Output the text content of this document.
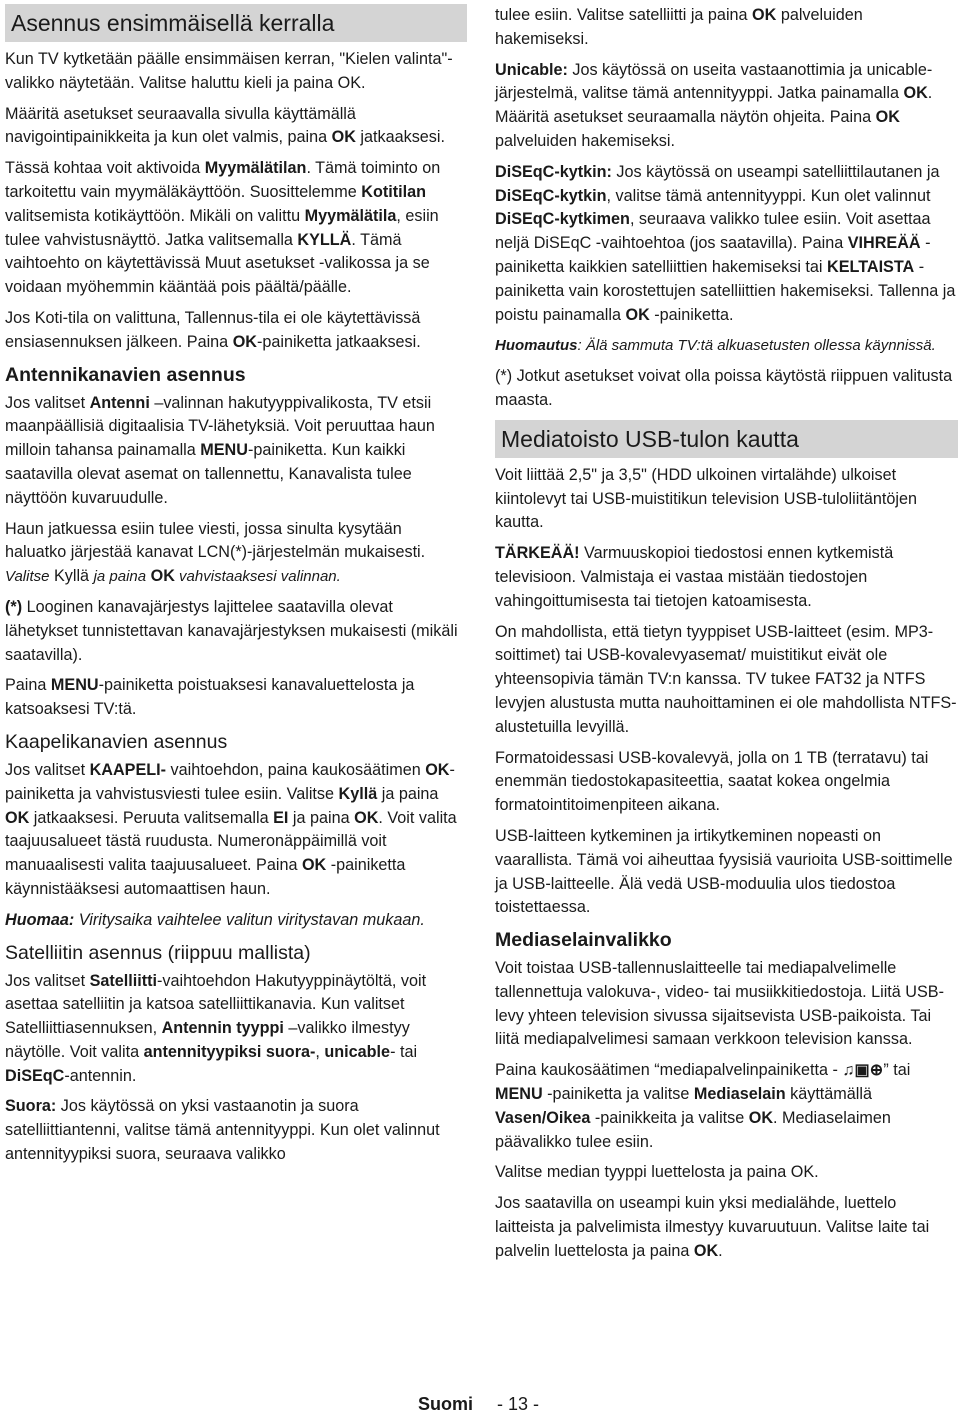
Asennus ensimmäisellä kerralla

Kun TV kytketään päälle ensimmäisen kerran, "Kielen valinta"-valikko näytetään. Valitse haluttu kieli ja paina OK.

Määritä asetukset seuraavalla sivulla käyttämällä navigointipainikkeita ja kun olet valmis, paina OK jatkaaksesi.

Tässä kohtaa voit aktivoida Myymälätilan. Tämä toiminto on tarkoitettu vain myymäläkäyttöön. Suosittelemme Kotitilan valitsemista kotikäyttöön. Mikäli on valittu Myymälätila, esiin tulee vahvistusnäyttö. Jatka valitsemalla KYLLÄ. Tämä vaihtoehto on käytettävissä Muut asetukset -valikossa ja se voidaan myöhemmin kääntää pois päältä/päälle.

Jos Koti-tila on valittuna, Tallennus-tila ei ole käytettävissä ensiasennuksen jälkeen. Paina OK-painiketta jatkaaksesi.

Antennikanavien asennus

Jos valitset Antenni –valinnan hakutyyppivalikosta, TV etsii maanpäällisiä digitaalisia TV-lähetyksiä. Voit peruuttaa haun milloin tahansa painamalla MENU-painiketta. Kun kaikki saatavilla olevat asemat on tallennettu, Kanavalista tulee näyttöön kuvaruudulle.

Haun jatkuessa esiin tulee viesti, jossa sinulta kysytään haluatko järjestää kanavat LCN(*)-järjestelmän mukaisesti. Valitse Kyllä ja paina OK vahvistaaksesi valinnan.

(*) Looginen kanavajärjestys lajittelee saatavilla olevat lähetykset tunnistettavan kanavajärjestyksen mukaisesti (mikäli saatavilla).

Paina MENU-painiketta poistuaksesi kanavaluettelosta ja katsoaksesi TV:tä.

Kaapelikanavien asennus

Jos valitset KAAPELI- vaihtoehdon, paina kaukosäätimen OK-painiketta ja vahvistusviesti tulee esiin. Valitse Kyllä ja paina OK jatkaaksesi. Peruuta valitsemalla EI ja paina OK. Voit valita taajuusalueet tästä ruudusta. Numeronäppäimillä voit manuaalisesti valita taajuusalueet. Paina OK -painiketta käynnistääksesi automaattisen haun.

Huomaa: Viritysaika vaihtelee valitun viritystavan mukaan.

Satelliitin asennus (riippuu mallista)

Jos valitset Satelliitti-vaihtoehdon Hakutyyppinäytöltä, voit asettaa satelliitin ja katsoa satelliittikanavia. Kun valitset Satelliittiasennuksen, Antennin tyyppi –valikko ilmestyy näytölle. Voit valita antennityypiksi suora-, unicable- tai DiSEqC-antennin.

Suora: Jos käytössä on yksi vastaanotin ja suora satelliittiantenni, valitse tämä antennityyppi. Kun olet valinnut antennityypiksi suora, seuraava valikko

tulee esiin. Valitse satelliitti ja paina OK palveluiden hakemiseksi.

Unicable: Jos käytössä on useita vastaanottimia ja unicable-järjestelmä, valitse tämä antennityyppi. Jatka painamalla OK. Määritä asetukset seuraamalla näytön ohjeita. Paina OK palveluiden hakemiseksi.

DiSEqC-kytkin: Jos käytössä on useampi satelliittilautanen ja DiSEqC-kytkin, valitse tämä antennityyppi. Kun olet valinnut DiSEqC-kytkimen, seuraava valikko tulee esiin. Voit asettaa neljä DiSEqC -vaihtoehtoa (jos saatavilla). Paina VIHREÄÄ -painiketta kaikkien satelliittien hakemiseksi tai KELTAISTA -painiketta vain korostettujen satelliittien hakemiseksi. Tallenna ja poistu painamalla OK -painiketta.

Huomautus: Älä sammuta TV:tä alkuasetusten ollessa käynnissä.

(*) Jotkut asetukset voivat olla poissa käytöstä riippuen valitusta maasta.

Mediatoisto USB-tulon kautta

Voit liittää 2,5" ja 3,5" (HDD ulkoinen virtalähde) ulkoiset kiintolevyt tai USB-muistitikun television USB-tuloliitäntöjen kautta.

TÄRKEÄÄ! Varmuuskopioi tiedostosi ennen kytkemistä televisioon. Valmistaja ei vastaa mistään tiedostojen vahingoittumisesta tai tietojen katoamisesta.

On mahdollista, että tietyn tyyppiset USB-laitteet (esim. MP3-soittimet) tai USB-kovalevyasemat/ muistitikut eivät ole yhteensopivia tämän TV:n kanssa. TV tukee FAT32 ja NTFS levyjen alustusta mutta nauhoittaminen ei ole mahdollista NTFS-alustetuilla levyillä.

Formatoidessasi USB-kovalevyä, jolla on 1 TB (terratavu) tai enemmän tiedostokapasiteettia, saatat kokea ongelmia formatointitoimenpiteen aikana.

USB-laitteen kytkeminen ja irtikytkeminen nopeasti on vaarallista. Tämä voi aiheuttaa fyysisiä vaurioita USB-soittimelle ja USB-laitteelle. Älä vedä USB-moduulia ulos tiedostoa toistettaessa.

Mediaselainvalikko

Voit toistaa USB-tallennuslaitteelle tai mediapalvelimelle tallennettuja valokuva-, video- tai musiikkitiedostoja. Liitä USB-levy yhteen television sivussa sijaitsevista USB-paikoista. Tai liitä mediapalvelimesi samaan verkkoon television kanssa.

Paina kaukosäätimen “mediapalvelinpainiketta - ♫▣⊕” tai MENU -painiketta ja valitse Mediaselain käyttämällä Vasen/Oikea -painikkeita ja valitse OK. Mediaselaimen päävalikko tulee esiin.

Valitse median tyyppi luettelosta ja paina OK.

Jos saatavilla on useampi kuin yksi medialähde, luettelo laitteista ja palvelimista ilmestyy kuvaruutuun. Valitse laite tai palvelin luettelosta ja paina OK.

Suomi - 13 -
